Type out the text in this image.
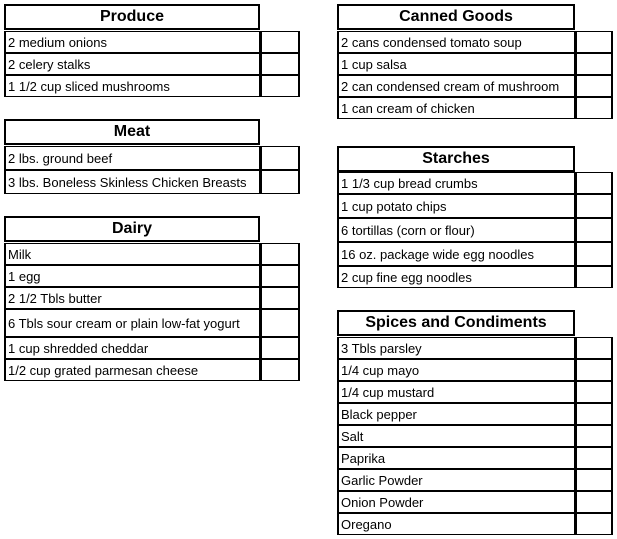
Produce
2 medium onions
2 celery stalks
1 1/2 cup sliced mushrooms
Meat
2 lbs. ground beef
3 lbs. Boneless Skinless Chicken Breasts
Dairy
Milk
1 egg
2 1/2 Tbls butter
6 Tbls sour cream or plain low-fat yogurt
1 cup shredded cheddar
1/2 cup grated parmesan cheese
Canned Goods
2 cans condensed tomato soup
1 cup salsa
2 can condensed cream of mushroom
1 can cream of chicken
Starches
1 1/3 cup bread crumbs
1 cup potato chips
6 tortillas (corn or flour)
16 oz. package wide egg noodles
2 cup fine egg noodles
Spices and Condiments
3 Tbls parsley
1/4 cup mayo
1/4 cup mustard
Black pepper
Salt
Paprika
Garlic Powder
Onion Powder
Oregano
